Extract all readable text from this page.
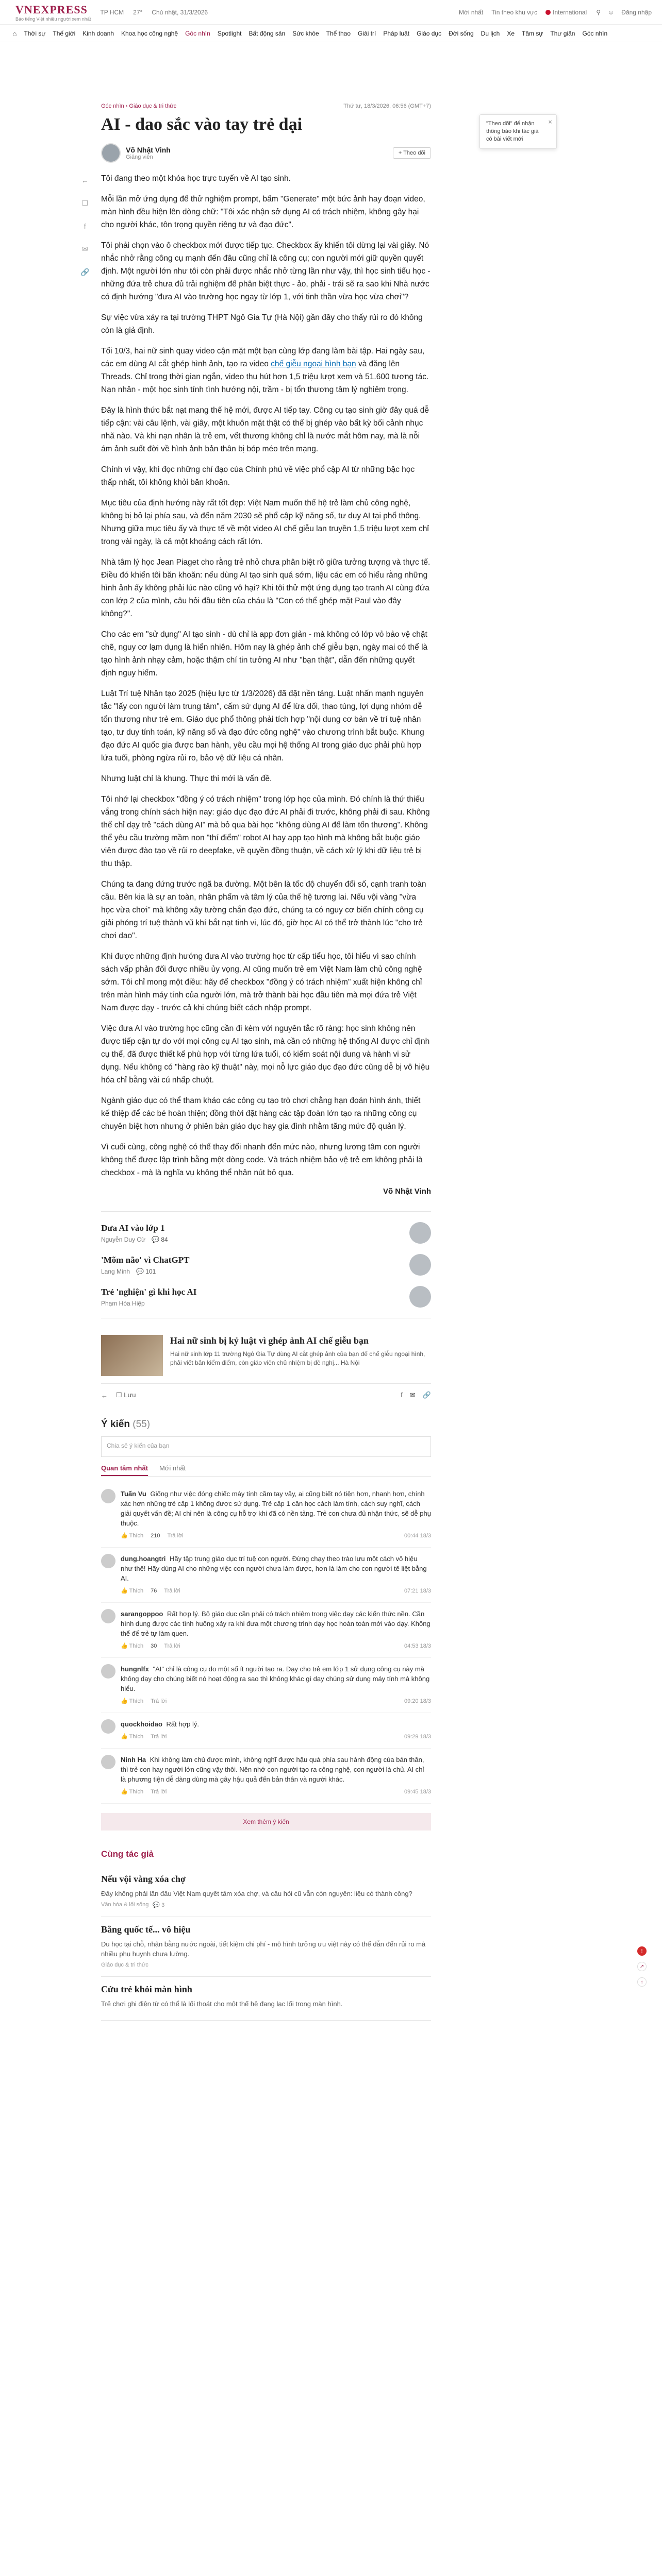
VNEXPRESS
Báo tiếng Việt nhiều người xem nhất
TP HCM 27° Chủ nhật, 31/3/2026	Mới nhất Tin theo khu vực	International ⚲ ☺ Đăng nhập
⌂ Thời sự Thế giới Kinh doanh Khoa học công nghệ Góc nhìn Spotlight Bất động sản Sức khỏe Thể thao Giải trí Pháp luật Giáo dục Đời sống Du lịch Xe Tâm sự Thư giãn Góc nhìn
←
☐
f
✉
🔗
"Theo dõi" để nhận thông báo khi tác giả có bài viết mới
×
Góc nhìn › Giáo dục & tri thức	Thứ tư, 18/3/2026, 06:56 (GMT+7)
AI - dao sắc vào tay trẻ dại
Võ Nhật Vinh
Giảng viên
+ Theo dõi

Tôi đang theo một khóa học trực tuyến về AI tạo sinh.

Mỗi lần mở ứng dụng để thử nghiệm prompt, bấm "Generate" một bức ảnh hay đoạn video, màn hình đều hiện lên dòng chữ: "Tôi xác nhận sở dụng AI có trách nhiệm, không gây hại cho người khác, tôn trọng quyền riêng tư và đạo đức".

Tôi phải chọn vào ô checkbox mới được tiếp tục. Checkbox ấy khiến tôi dừng lại vài giây. Nó nhắc nhở rằng công cụ mạnh đến đâu cũng chỉ là công cụ; con người mới giữ quyền quyết định. Một người lớn như tôi còn phải được nhắc nhở từng lần như vậy, thì học sinh tiểu học - những đứa trẻ chưa đủ trải nghiệm để phân biệt thực - ảo, phải - trái sẽ ra sao khi Nhà nước có định hướng "đưa AI vào trường học ngay từ lớp 1, với tinh thần vừa học vừa chơi"?

Sự việc vừa xảy ra tại trường THPT Ngô Gia Tự (Hà Nội) gần đây cho thấy rủi ro đó không còn là giả định.

Tối 10/3, hai nữ sinh quay video cận mặt một bạn cùng lớp đang làm bài tập. Hai ngày sau, các em dùng AI cắt ghép hình ảnh, tạo ra video chế giễu ngoại hình bạn và đăng lên Threads. Chỉ trong thời gian ngắn, video thu hút hơn 1,5 triệu lượt xem và 51.600 tương tác. Nạn nhân - một học sinh tính tình hướng nội, trầm - bị tổn thương tâm lý nghiêm trọng.

Đây là hình thức bắt nạt mang thế hệ mới, được AI tiếp tay. Công cụ tạo sinh giờ đây quá dễ tiếp cận: vài câu lệnh, vài giây, một khuôn mặt thật có thể bị ghép vào bất kỳ bối cảnh nhục nhã nào. Và khi nạn nhân là trẻ em, vết thương không chỉ là nước mắt hôm nay, mà là nỗi ám ảnh suốt đời về hình ảnh bản thân bị bóp méo trên mạng.

Chính vì vậy, khi đọc những chỉ đạo của Chính phủ về việc phổ cập AI từ những bậc học thấp nhất, tôi không khỏi băn khoăn.

Mục tiêu của định hướng này rất tốt đẹp: Việt Nam muốn thế hệ trẻ làm chủ công nghệ, không bị bỏ lại phía sau, và đến năm 2030 sẽ phổ cập kỹ năng số, tư duy AI tại phổ thông. Nhưng giữa mục tiêu ấy và thực tế về một video AI chế giễu lan truyền 1,5 triệu lượt xem chỉ trong vài ngày, là cả một khoảng cách rất lớn.

Nhà tâm lý học Jean Piaget cho rằng trẻ nhỏ chưa phân biệt rõ giữa tưởng tượng và thực tế. Điều đó khiến tôi băn khoăn: nếu dùng AI tạo sinh quá sớm, liệu các em có hiểu rằng những hình ảnh ấy không phải lúc nào cũng vô hại? Khi tôi thử một ứng dụng tạo tranh AI cùng đứa con lớp 2 của mình, câu hỏi đầu tiên của cháu là "Con có thể ghép mặt Paul vào đây không?".

Cho các em "sử dụng" AI tạo sinh - dù chỉ là app đơn giản - mà không có lớp vỏ bảo vệ chặt chẽ, nguy cơ lạm dụng là hiển nhiên. Hôm nay là ghép ảnh chế giễu bạn, ngày mai có thể là tạo hình ảnh nhạy cảm, hoặc thậm chí tin tưởng AI như "bạn thật", dẫn đến những quyết định nguy hiểm.

Luật Trí tuệ Nhân tạo 2025 (hiệu lực từ 1/3/2026) đã đặt nền tảng. Luật nhấn mạnh nguyên tắc "lấy con người làm trung tâm", cấm sử dụng AI để lừa dối, thao túng, lợi dụng nhóm dễ tổn thương như trẻ em. Giáo dục phổ thông phải tích hợp "nội dung cơ bản về trí tuệ nhân tạo, tư duy tính toán, kỹ năng số và đạo đức công nghệ" vào chương trình bắt buộc. Khung đạo đức AI quốc gia được ban hành, yêu cầu mọi hệ thống AI trong giáo dục phải phù hợp lứa tuổi, phòng ngừa rủi ro, bảo vệ dữ liệu cá nhân.

Nhưng luật chỉ là khung. Thực thi mới là vấn đề.

Tôi nhớ lại checkbox "đồng ý có trách nhiệm" trong lớp học của mình. Đó chính là thứ thiếu vắng trong chính sách hiện nay: giáo dục đạo đức AI phải đi trước, không phải đi sau. Không thể chỉ dạy trẻ "cách dùng AI" mà bỏ qua bài học "không dùng AI để làm tổn thương". Không thể yêu cầu trường mầm non "thí điểm" robot AI hay app tạo hình mà không bắt buộc giáo viên được đào tạo về rủi ro deepfake, về quyền đồng thuận, về cách xử lý khi dữ liệu trẻ bị thu thập.

Chúng ta đang đứng trước ngã ba đường. Một bên là tốc độ chuyển đổi số, cạnh tranh toàn cầu. Bên kia là sự an toàn, nhân phẩm và tâm lý của thế hệ tương lai. Nếu vội vàng "vừa học vừa chơi" mà không xây tường chắn đạo đức, chúng ta có nguy cơ biến chính công cụ giải phóng trí tuệ thành vũ khí bắt nạt tinh vi, lúc đó, giờ học AI có thể trở thành lúc "cho trẻ chơi dao".

Khi được những định hướng đưa AI vào trường học từ cấp tiểu học, tôi hiểu vì sao chính sách vấp phản đối được nhiều ủy vọng. AI cũng muốn trẻ em Việt Nam làm chủ công nghệ sớm. Tôi chỉ mong một điều: hãy để checkbox "đồng ý có trách nhiệm" xuất hiện không chỉ trên màn hình máy tính của người lớn, mà trở thành bài học đầu tiên mà mọi đứa trẻ Việt Nam được dạy - trước cả khi chúng biết cách nhập prompt.

Việc đưa AI vào trường học cũng cần đi kèm với nguyên tắc rõ ràng: học sinh không nên được tiếp cận tự do với mọi công cụ AI tạo sinh, mà cần có những hệ thống AI được chỉ định cụ thể, đã được thiết kế phù hợp với từng lứa tuổi, có kiểm soát nội dung và hành vi sử dụng. Nếu không có "hàng rào kỹ thuật" này, mọi nỗ lực giáo dục đạo đức cũng dễ bị vô hiệu hóa chỉ bằng vài cú nhấp chuột.

Ngành giáo dục có thể tham khảo các công cụ tạo trò chơi chằng hạn đoán hình ảnh, thiết kế thiệp để các bé hoàn thiện; đồng thời đặt hàng các tập đoàn lớn tạo ra những công cụ chuyên biệt hơn nhưng ở phiên bản giáo dục hay gia đình nhằm tăng mức độ quản lý.

Vì cuối cùng, công nghệ có thể thay đổi nhanh đến mức nào, nhưng lương tâm con người không thể được lập trình bằng một dòng code. Và trách nhiệm bảo vệ trẻ em không phải là checkbox - mà là nghĩa vụ không thể nhân nút bỏ qua.

Võ Nhật Vinh
Đưa AI vào lớp 1
Nguyễn Duy Cừ 💬 84
'Mõm não' vì ChatGPT
Lang Minh 💬 101
Trẻ 'nghiện' gì khi học AI
Phạm Hòa Hiệp
Hai nữ sinh bị kỷ luật vì ghép ảnh AI chế giễu bạn
Hai nữ sinh lớp 11 trường Ngô Gia Tự dùng AI cắt ghép ảnh của bạn để chế giễu ngoại hình, phải viết bản kiểm điểm, còn giáo viên chủ nhiệm bị đề nghị... Hà Nội
← ☐ Lưu	f ✉ 🔗
Ý kiến (55)
Chia sẻ ý kiến của bạn
Quan tâm nhất Mới nhất
Tuấn Vu Giống như việc đóng chiếc máy tính cầm tay vậy, ai cũng biết nó tiện hơn, nhanh hơn, chính xác hơn những trẻ cấp 1 không được sử dụng. Trẻ cấp 1 cần học cách làm tính, cách suy nghĩ, cách giải quyết vấn đề; AI chỉ nên là công cụ hỗ trợ khi đã có nền tảng. Trẻ con chưa đủ nhận thức, sẽ dễ phụ thuộc.
👍 Thích 210 Trả lời	00:44 18/3
dung.hoangtri Hãy tập trung giáo dục trí tuệ con người. Đừng chạy theo trào lưu một cách vô hiệu như thế! Hãy dùng AI cho những việc con người chưa làm được, hơn là làm cho con người tê liệt bằng AI.
👍 Thích 76 Trả lời	07:21 18/3
sarangoppoo Rất hợp lý. Bộ giáo dục cần phải có trách nhiệm trong việc dạy các kiến thức nền. Cần hình dung được các tình huống xảy ra khi đưa một chương trình dạy học hoàn toàn mới vào dạy. Không thể để trẻ tự làm quen.
👍 Thích 30 Trả lời	04:53 18/3
hungnlfx "AI" chỉ là công cụ do một số ít người tạo ra. Dạy cho trẻ em lớp 1 sử dụng công cụ này mà không dạy cho chúng biết nó hoạt động ra sao thì không khác gì dạy chúng sử dụng máy tính mà không hiểu.
👍 Thích Trả lời	09:20 18/3
quockhoidao Rất hợp lý.
👍 Thích Trả lời	09:29 18/3
Ninh Ha Khi không làm chủ được mình, không nghĩ được hậu quả phía sau hành động của bản thân, thì trẻ con hay người lớn cũng vậy thôi. Nên nhớ con người tạo ra công nghệ, con người là chủ. AI chỉ là phương tiện dễ dàng dùng mà gây hậu quả đến bản thân và người khác.
👍 Thích Trả lời	09:45 18/3
Xem thêm ý kiến
Cùng tác giả
Nếu vội vàng xóa chợ
Đây không phải lần đầu Việt Nam quyết tâm xóa chợ, và câu hỏi cũ vẫn còn nguyên: liệu có thành công?
Văn hóa & lối sống 💬 3
Bằng quốc tế... vô hiệu
Du học tại chỗ, nhận bằng nước ngoài, tiết kiệm chi phí - mô hình tưởng ưu việt này có thể dẫn đến rủi ro mà nhiều phụ huynh chưa lường.
Giáo dục & tri thức
Cửu trẻ khỏi màn hình
Trẻ chơi ghi điện từ có thể là lối thoát cho một thế hệ đang lạc lối trong màn hình.
!
↗
↑
